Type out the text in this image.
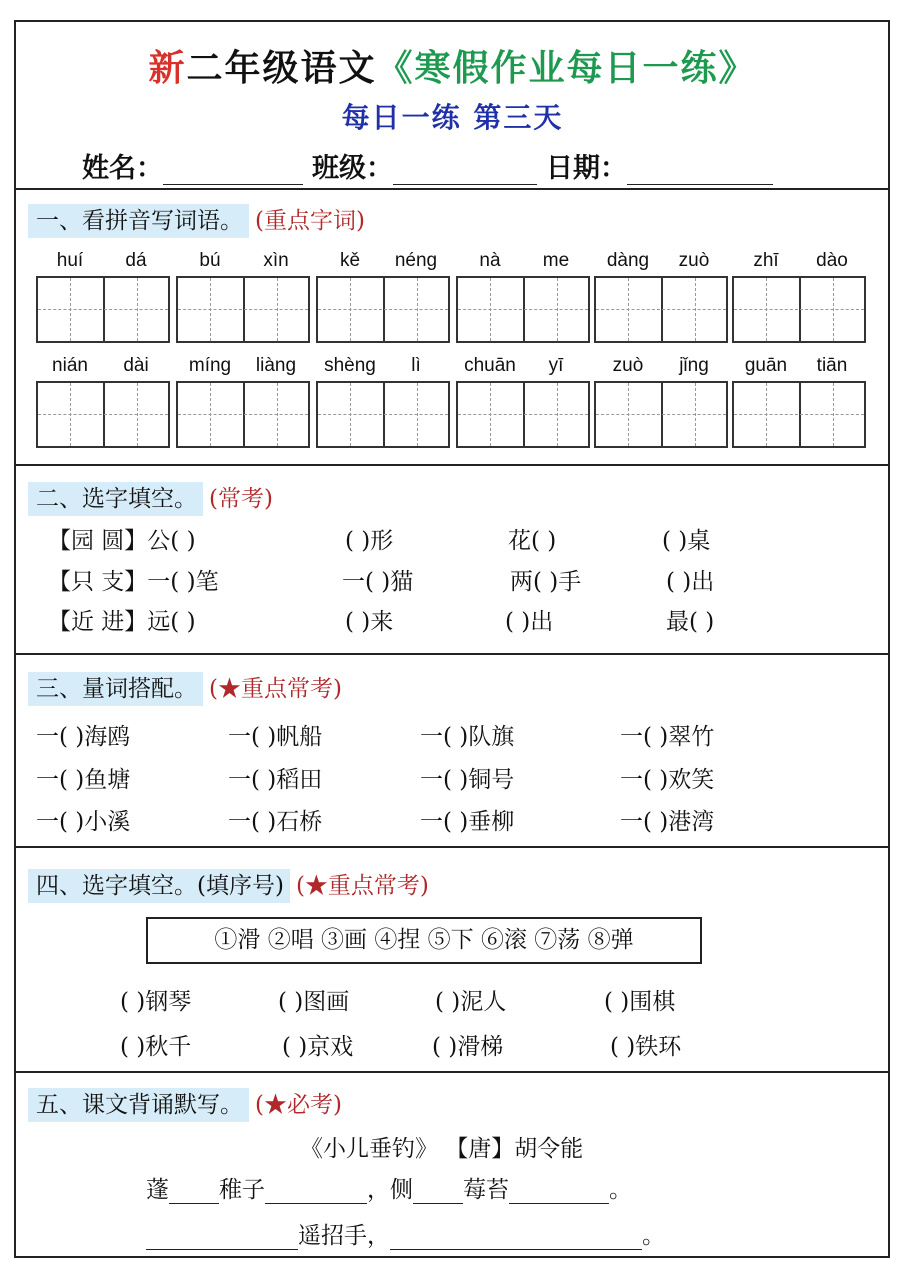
新二年级语文《寒假作业每日一练》
每日一练 第三天
姓名：	班级：	日期：
一、看拼音写词语。 (重点字词)
huí	dá	bú	xìn	kě	néng	nà	me	dàng	zuò	zhī	dào
nián	dài	míng	liàng	shèng	lì	chuān	yī	zuò	jǐng	guān	tiān
二、选字填空。 (常考)
【园 圆】公( )	( )形	花( )	( )桌
【只 支】一( )笔	一( )猫	两( )手	( )出
【近 进】远( )	( )来	( )出	最( )
三、量词搭配。 (★重点常考)
一( )海鸥	一( )帆船	一( )队旗	一( )翠竹
一( )鱼塘	一( )稻田	一( )铜号	一( )欢笑
一( )小溪	一( )石桥	一( )垂柳	一( )港湾
四、选字填空。(填序号) (★重点常考)
①滑 ②唱 ③画 ④捏 ⑤下 ⑥滚 ⑦荡 ⑧弹
( )钢琴	( )图画	( )泥人	( )围棋
( )秋千	( )京戏	( )滑梯	( )铁环
五、课文背诵默写。 (★必考)
《小儿垂钓》 【唐】胡令能
蓬 稚子	，侧 莓苔	。
遥招手，	。
